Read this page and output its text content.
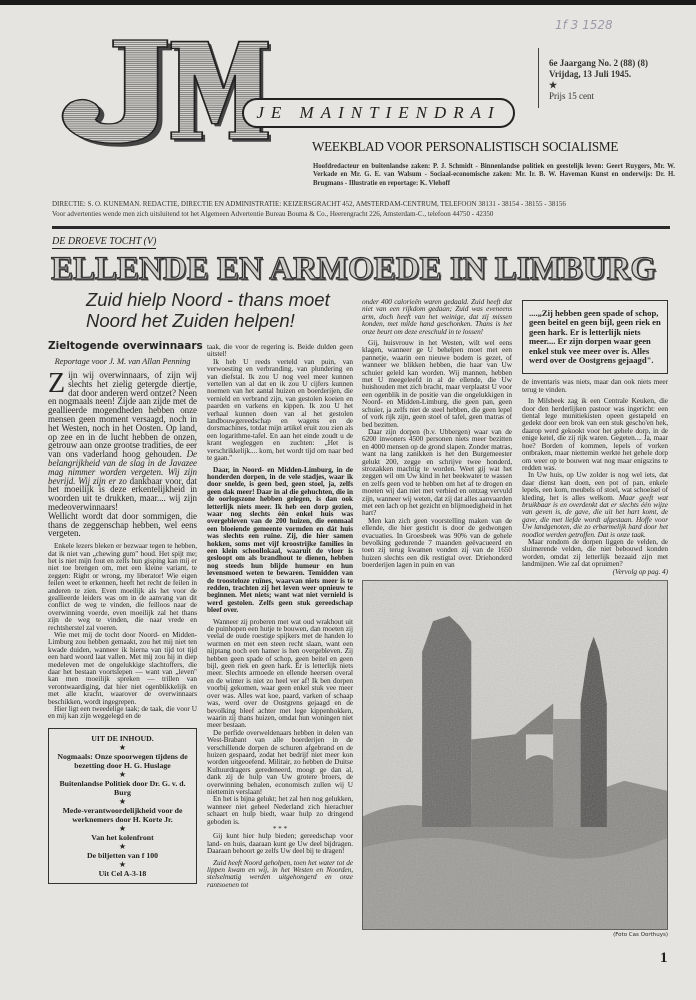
1f 3 1528
JE MAINTIENDRAI
6e Jaargang No. 2 (88) (8)
Vrijdag, 13 Juli 1945.
★
Prijs 15 cent
WEEKBLAD VOOR PERSONALISTISCH SOCIALISME
Hoofdredacteur en buitenlandse zaken: P. J. Schmidt - Binnenlandse politiek en geestelijk leven: Geert Ruygers, Mr. W. Verkade en Mr. G. E. van Walsum - Sociaal-economische zaken: Mr. Ir. B. W. Haveman Kunst en onderwijs: Dr. H. Brugmans - Illustratie en reportage: K. Vlehoff
DIRECTIE: S. O. KUNEMAN. REDACTIE, DIRECTIE EN ADMINISTRATIE: KEIZERSGRACHT 452, AMSTERDAM-CENTRUM, TELEFOON 38131 - 38154 - 38155 - 38156
Voor advertenties wende men zich uitsluitend tot het Algemeen Advertentie Bureau Bouma & Co., Heerengracht 226, Amsterdam-C., telefoon 44750 - 42350
DE DROEVE TOCHT (V)
ELLENDE EN ARMOEDE IN LIMBURG
Zuid hielp Noord - thans moet Noord het Zuiden helpen!
Zieltogende overwinnaars
Reportage voor J. M. van Allan Penning

Zijn wij overwinnaars, of zijn wij slechts het zielig getergde diertje, dat door anderen werd ontzet? Neen en nogmaals neen! Zijde aan zijde met de geallieerde mogendheden hebben onze mensen geen moment versaagd, noch in het Westen, noch in het Oosten. Op land, op zee en in de lucht hebben de onzen, getrouw aan onze grootse tradities, de eer van ons vaderland hoog gehouden. De belangrijkheid van de slag in de Javazee mag nimmer worden vergeten. Wij zijn bevrijd. Wij zijn er zo dankbaar voor, dat het moeilijk is deze erkentelijkheid in woorden uit te drukken, maar.... wij zijn medeoverwinnaars!

Wellicht wordt dat door sommigen, die thans de zeggenschap hebben, wel eens vergeten.

Enkele lezers bleken er bezwaar tegen te hebben, dat ik niet van „chewing gum" houd. Het spijt me; het is niet mijn fout en zelfs hun gisping kan mij er niet toe brengen om, met een kleine variant, te zeggen: Right or wrong, my liberator! Wie eigen feilen weet te erkennen, heeft het recht de feilen in anderen te zien. Even moeilijk als het voor de geallieerde leiders was om in de aanvang van dit conflict de weg te vinden, die feilloos naar de overwinning voerde, even moeilijk zal het thans zijn de weg te vinden, die naar vrede en rechtsherstel zal voeren.

Wie met mij de tocht door Noord- en Midden-Limburg zou hebben gemaakt, zou het mij niet ten kwade duiden, wanneer ik hierna van tijd tot tijd een hard woord laat vallen. Met mij zou hij in diep medeleven met de ongelukkige slachtoffers, die daar het bestaan voortslepen — want van „leven" kan men moeilijk spreken — trillen van verontwaardiging, dat hier niet ogenblikkelijk en met alle kracht, waarover de overwinnaars beschikken, wordt ingegrepen.

Hier ligt een tweedelige taak; de taak, die voor U en mij kan zijn weggelegd en de

UIT DE INHOUD.
★
Nogmaals: Onze spoorwegen tijdens de bezetting door H. G. Huslage
★
Buitenlandse Politiek door Dr. G. v. d. Burg
★
Mede-verantwoordelijkheid voor de werknemers door H. Korte Jr.
★
Van het kolenfront
★
De biljetten van f 100
★
Uit Cel A-3-18

taak, die voor de regering is. Beide dulden geen uitstel!

Ik heb U reeds verteld van puin, van verwoesting en verbranding, van plundering en van diefstal. Ik zou U nog veel meer kunnen vertellen van al dat en ik zou U cijfers kunnen noemen van het aantal huizen en boerderijen, die vernield en verbrand zijn, van gestolen koeien en paarden en varkens en kippen. Ik zou U het verhaal kunnen doen van al het gestolen landbouwgereedschap en wagens en de dorsmachines, totdat mijn artikel eruit zou zien als een logarithme-tafel. En aan het einde zoudt u de krant wegleggen en zuchten: „Het is verschrikkelijk.... kom, het wordt tijd om naar bed te gaan."

Daar, in Noord- en Midden-Limburg, in de honderden dorpen, in de vele stadjes, waar ik door snelde, is geen bed, geen stoel, ja, zelfs geen dak meer! Daar in al die gehuchten, die in de oorlogszone hebben gelegen, is dan ook letterlijk niets meer. Ik heb een dorp gezien, waar nog slechts één enkel huis was overgebleven van de 200 huizen, die eenmaal een bloeiende gemeente vormden en dát huis was slechts een ruïne. Zij, die hier samen hokken, soms met vijf kroostrijke families in een klein schoollokaal, waaruit de vloer is gesloopt om als brandhout te dienen, hebben nog steeds hun blijde humeur en hun levensmoed weten te bewaren. Temidden van de troosteloze ruïnes, waarvan niets meer is te redden, trachten zij het leven weer opnieuw te beginnen. Met niets; want wat niet vernield is werd gestolen. Zelfs geen stuk gereedschap bleef over.

Wanneer zij proberen met wat oud wrakhout uit de puinhopen een hutje te bouwen, dan moeten zij veelal de oude roestige spijkers met de handen lo wurmen en met een steen recht slaan, want een nijptang noch een hamer is hen overgebleven. Zij hebben geen spade of schop, geen beitel en geen bijl, geen riek en geen hark. Er is letterlijk niets meer. Slechts armoede en ellende heersen overal en de winter is niet zo heel ver af! Ik ben dorpen voorbij gekomen, waar geen enkel stuk vee meer over was. Alles wat koe, paard, varken of schaap was, werd over de Oostgrens gejaagd en de bevolking bleef achter met lege kippenhokken, waarin zij thans huizen, omdat hun woningen niet meer bestaan.

De perfide overweldenaars hebben in delen van West-Brabant van alle boerderijen in de verschillende dorpen de schuren afgebrand en de huizen gespaard, zodat het bedrijf niet meer kon worden uitgeoefend. Militair, zo hebben de Duitse Kultuurdragers geredeneerd, moogt ge dan al, dank zij de hulp van Uw grotere broers, de overwinning behalen, economisch zullen wij U niettemin verslaan!

En het is bijna gelukt; het zal hen nog gelukken, wanneer niet geheel Nederland zich hierachter schaart en hulp biedt, waar hulp zo dringend geboden is.

* * *

Gij kunt hier hulp bieden; gereedschap voor land- en huis, daaraan kunt ge Uw deel bijdragen. Daaraan behoort ge zelfs Uw deel bij te dragen!

Zuid heeft Noord geholpen, toen het water tot de lippen kwam en wij, in het Westen en Noorden, stelselmatig werden uitgehongerd en onze rantsoenen tot

onder 400 calorieën waren gedaald. Zuid heeft dat niet van een rijkdom gedaan; Zuid was eveneens arm, doch heeft van het weinige, dat zij missen konden, met milde hand geschonken. Thans is het onze beurt om deze ereschuld in te lossen!

Gij, huisvrouw in het Westen, wilt wel eens klagen, wanneer ge U behelpen moet met een pannetje, waarin een nieuwe bodem is gezet, of wanneer we blikken hebben, die haar van Uw schuier geleld kan worden. Wij mannen, hebben met U meegeleefd in al de ellende, die Uw huishouden met zich bracht, maar verplaatst U voor een ogenblik in de positie van die ongelukkigen in Noord- en Midden-Limburg, die geen pan, geen schuier, ja zelfs niet de steel hebben, die geen lepel of vork rijk zijn, geen stoel of tafel, geen matras of bed bezitten.

Daar zijn dorpen (b.v. Ubbergen) waar van de 6200 inwoners 4500 personen niets meer bezitten en 4000 mensen op de grond slapen. Zonder matras, want na lang zanikken is het den Burgemeester gelukt 200, zegge en schrijve twee honderd, strozakken machtig te worden. Weet gij wat het zeggen wil om Uw kind in het beekwater te wassen en zelfs geen vod te hebben om het af te drogen en moeten wij dan niet met verbied en ontzag vervuld zijn, wanneer wij weten, dat zij dat alles aanvaarden met een lach op het gezicht en blijmoedigheid in het hart?

Men kan zich geen voorstelling maken van de ellende, die hier gesticht is door de gedwongen evacuaties. In Groesbeek was 90% van de gehele bevolking gedurende 7 maanden geëvacueerd en toen zij terug kwamen vonden zij van de 1650 huizen slechts een dik restigtal over. Driehonderd boerderijen lagen in puin en van

....„Zij hebben geen spade of schop, geen beitel en geen bijl, geen riek en geen hark. Er is letterlijk niets meer.... Er zijn dorpen waar geen enkel stuk vee meer over is. Alles werd over de Oostgrens gejaagd".

de inventaris was niets, maar dan ook niets meer terug te vinden.

In Milsbeek zag ik een Centrale Keuken, die door den herderlijken pastoor was ingericht: een tiental lege munitiekisten opeen gestapeld en gedekt door een brok van een stuk gescho'en hek, daarop werd gekookt voor het gehele dorp, in de enige ketel, die zij rijk waren. Gegeten.... Ja, maar hoe? Borden of kommen, lepels of vorken ontbraken, maar niettemin werkte het gehele dorp om weer op te bouwen wat nog maar enigszins te redden was.

In Uw huis, op Uw zolder is nog wel iets, dat daar dienst kan doen, een pot of pan, enkele lepels, een kom, meubels of stoel, wat schoeisel of kleding, het is alles welkom. Maar geeft wat bruikbaar is en overdenkt dat er slechts één wijze van geven is, de gave, die uit het hart komt, de gave, die met liefde wordt afgestaan. Hoffe voor Uw landgenoten, die zo erbarmelijk hard door het noodlot werden getroffen. Dat is onze taak.

Maar rondom de dorpen liggen de velden, de sluimerende velden, die niet bebouwd konden worden, omdat zij letterlijk bezaaid zijn met landmijnen. Wie zal dat opruimen?

(Vervolg op pag. 4)

(Foto Cas Oorthuys)
1
